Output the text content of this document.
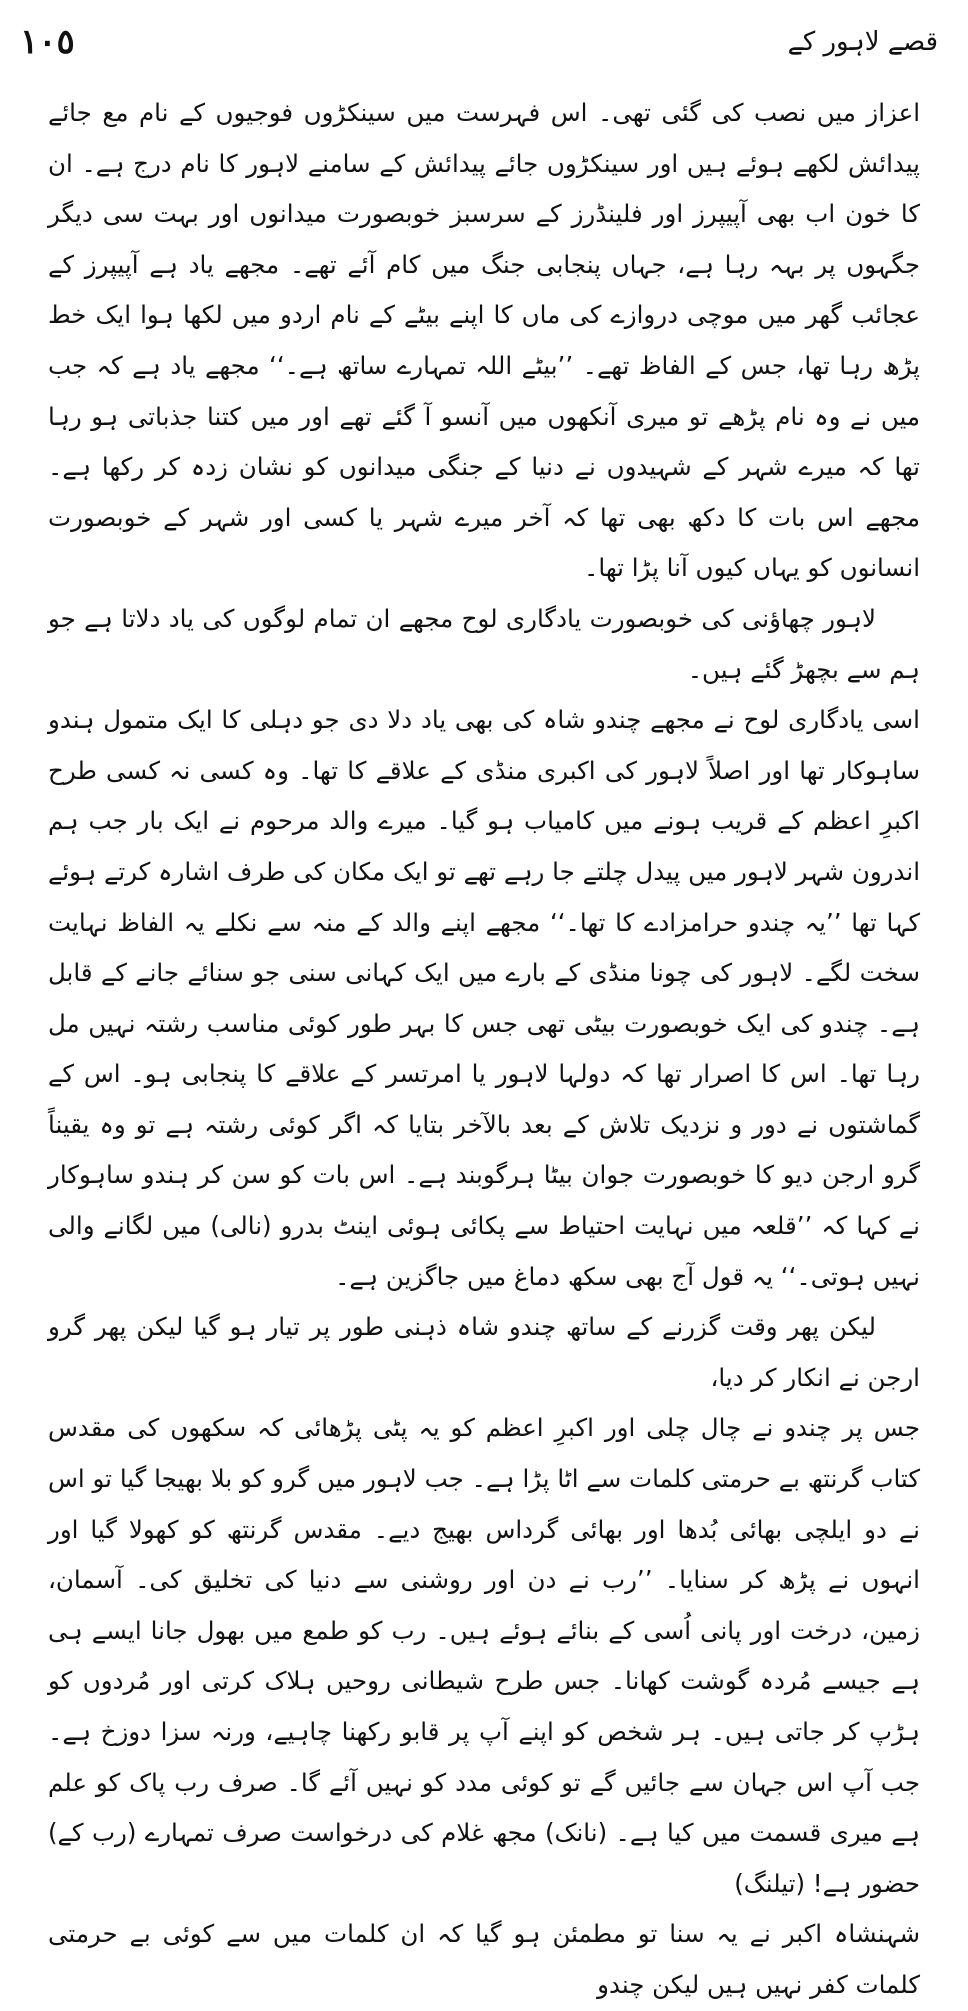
١٠٥	قصے لاہور کے

اعزاز میں نصب کی گئی تھی۔ اس فہرست میں سینکڑوں فوجیوں کے نام مع جائے پیدائش لکھے ہوئے ہیں اور سینکڑوں جائے پیدائش کے سامنے لاہور کا نام درج ہے۔ ان کا خون اب بھی آپیپرز اور فلینڈرز کے سرسبز خوبصورت میدانوں اور بہت سی دیگر جگہوں پر بہہ رہا ہے، جہاں پنجابی جنگ میں کام آئے تھے۔ مجھے یاد ہے آپیپرز کے عجائب گھر میں موچی دروازے کی ماں کا اپنے بیٹے کے نام اردو میں لکھا ہوا ایک خط پڑھ رہا تھا، جس کے الفاظ تھے۔ ’’بیٹے اللہ تمہارے ساتھ ہے۔‘‘ مجھے یاد ہے کہ جب میں نے وہ نام پڑھے تو میری آنکھوں میں آنسو آ گئے تھے اور میں کتنا جذباتی ہو رہا تھا کہ میرے شہر کے شہیدوں نے دنیا کے جنگی میدانوں کو نشان زدہ کر رکھا ہے۔ مجھے اس بات کا دکھ بھی تھا کہ آخر میرے شہر یا کسی اور شہر کے خوبصورت انسانوں کو یہاں کیوں آنا پڑا تھا۔

لاہور چھاؤنی کی خوبصورت یادگاری لوح مجھے ان تمام لوگوں کی یاد دلاتا ہے جو ہم سے بچھڑ گئے ہیں۔

اسی یادگاری لوح نے مجھے چندو شاہ کی بھی یاد دلا دی جو دہلی کا ایک متمول ہندو ساہوکار تھا اور اصلاً لاہور کی اکبری منڈی کے علاقے کا تھا۔ وہ کسی نہ کسی طرح اکبرِ اعظم کے قریب ہونے میں کامیاب ہو گیا۔ میرے والد مرحوم نے ایک بار جب ہم اندرون شہر لاہور میں پیدل چلتے جا رہے تھے تو ایک مکان کی طرف اشارہ کرتے ہوئے کہا تھا ’’یہ چندو حرامزادے کا تھا۔‘‘ مجھے اپنے والد کے منہ سے نکلے یہ الفاظ نہایت سخت لگے۔ لاہور کی چونا منڈی کے بارے میں ایک کہانی سنی جو سنائے جانے کے قابل ہے۔ چندو کی ایک خوبصورت بیٹی تھی جس کا بہر طور کوئی مناسب رشتہ نہیں مل رہا تھا۔ اس کا اصرار تھا کہ دولہا لاہور یا امرتسر کے علاقے کا پنجابی ہو۔ اس کے گماشتوں نے دور و نزدیک تلاش کے بعد بالآخر بتایا کہ اگر کوئی رشتہ ہے تو وہ یقیناً گرو ارجن دیو کا خوبصورت جوان بیٹا ہرگوبند ہے۔ اس بات کو سن کر ہندو ساہوکار نے کہا کہ ’’قلعہ میں نہایت احتیاط سے پکائی ہوئی اینٹ بدرو (نالی) میں لگانے والی نہیں ہوتی۔‘‘ یہ قول آج بھی سکھ دماغ میں جاگزین ہے۔

لیکن پھر وقت گزرنے کے ساتھ چندو شاہ ذہنی طور پر تیار ہو گیا لیکن پھر گرو ارجن نے انکار کر دیا،

جس پر چندو نے چال چلی اور اکبرِ اعظم کو یہ پٹی پڑھائی کہ سکھوں کی مقدس کتاب گرنتھ بے حرمتی کلمات سے اٹا پڑا ہے۔ جب لاہور میں گرو کو بلا بھیجا گیا تو اس نے دو ایلچی بھائی بُدھا اور بھائی گرداس بھیج دیے۔ مقدس گرنتھ کو کھولا گیا اور انہوں نے پڑھ کر سنایا۔ ’’رب نے دن اور روشنی سے دنیا کی تخلیق کی۔ آسمان، زمین، درخت اور پانی اُسی کے بنائے ہوئے ہیں۔ رب کو طمع میں بھول جانا ایسے ہی ہے جیسے مُردہ گوشت کھانا۔ جس طرح شیطانی روحیں ہلاک کرتی اور مُردوں کو ہڑپ کر جاتی ہیں۔ ہر شخص کو اپنے آپ پر قابو رکھنا چاہیے، ورنہ سزا دوزخ ہے۔ جب آپ اس جہان سے جائیں گے تو کوئی مدد کو نہیں آئے گا۔ صرف رب پاک کو علم ہے میری قسمت میں کیا ہے۔ (نانک) مجھ غلام کی درخواست صرف تمہارے (رب کے) حضور ہے! (تیلنگ)

شہنشاہ اکبر نے یہ سنا تو مطمئن ہو گیا کہ ان کلمات میں سے کوئی بے حرمتی کلمات کفر نہیں ہیں لیکن چندو
